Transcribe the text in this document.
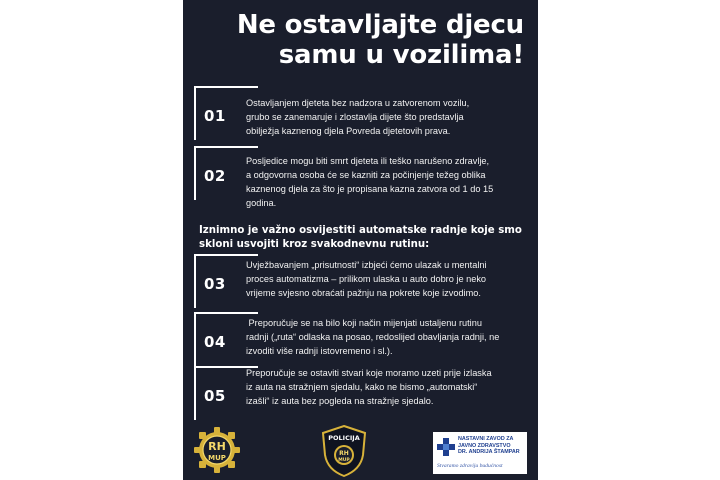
Ne ostavljajte djecu
samu u vozilima!
01
Ostavljanjem djeteta bez nadzora u zatvorenom vozilu,
grubo se zanemaruje i zlostavlja dijete što predstavlja
obilježja kaznenog djela Povreda djetetovih prava.
02
Posljedice mogu biti smrt djeteta ili teško narušeno zdravlje,
a odgovorna osoba će se kazniti za počinjenje težeg oblika
kaznenog djela za što je propisana kazna zatvora od 1 do 15
godina.

Iznimno je važno osvijestiti automatske radnje koje smo
skloni usvojiti kroz svakodnevnu rutinu:

03
Uvježbavanjem „prisutnosti“ izbjeći ćemo ulazak u mentalni
proces automatizma – prilikom ulaska u auto dobro je neko
vrijeme svjesno obraćati pažnju na pokrete koje izvodimo.
04
Preporučuje se na bilo koji način mijenjati ustaljenu rutinu
radnji („ruta“ odlaska na posao, redoslijed obavljanja radnji, ne
izvoditi više radnji istovremeno i sl.).
05
Preporučuje se ostaviti stvari koje moramo uzeti prije izlaska
iz auta na stražnjem sjedalu, kako ne bismo „automatski“
izašli“ iz auta bez pogleda na stražnje sjedalo.
RH
MUP
POLICIJA
RH
MUP
NASTAVNI ZAVOD ZA
JAVNO ZDRAVSTVO
DR. ANDRIJA ŠTAMPAR
Stvaramo zdraviju budućnost
